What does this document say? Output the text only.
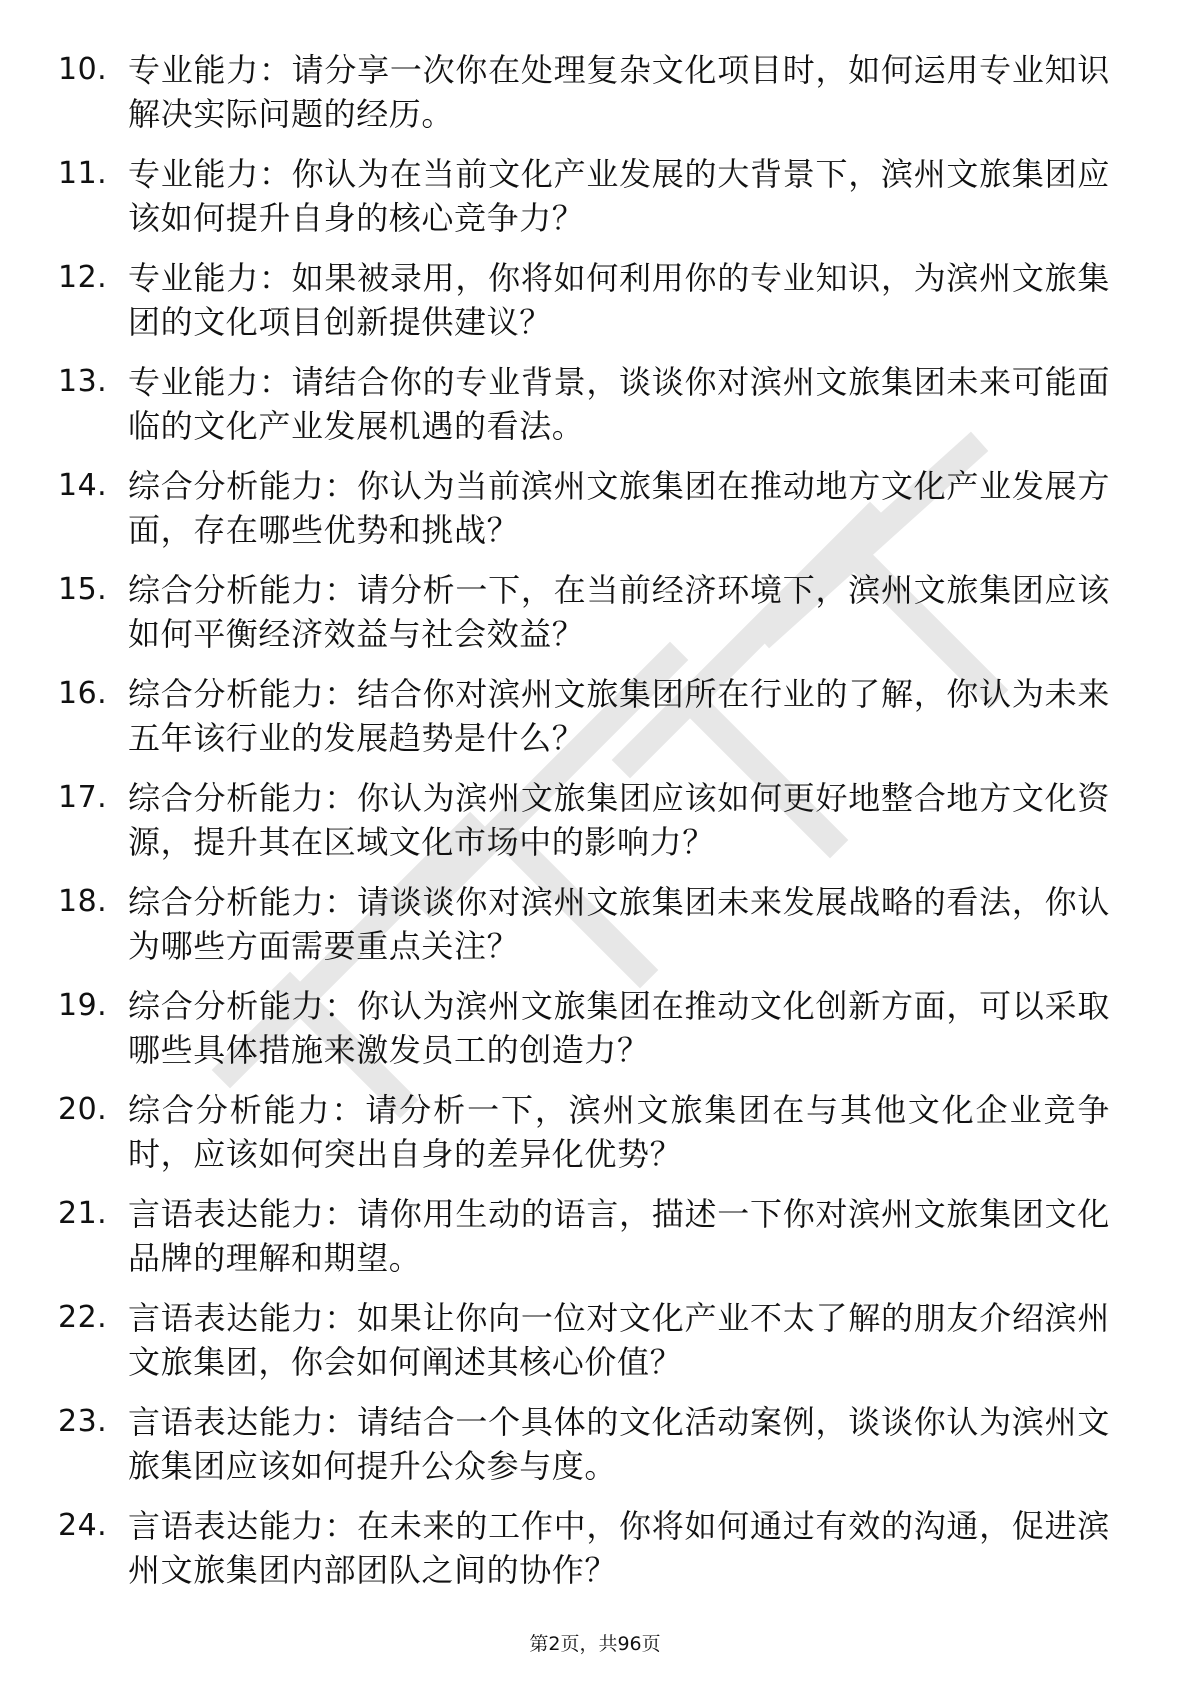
10. 专业能力：请分享一次你在处理复杂文化项目时，如何运用专业知识解决实际问题的经历。
11. 专业能力：你认为在当前文化产业发展的大背景下，滨州文旅集团应该如何提升自身的核心竞争力？
12. 专业能力：如果被录用，你将如何利用你的专业知识，为滨州文旅集团的文化项目创新提供建议？
13. 专业能力：请结合你的专业背景，谈谈你对滨州文旅集团未来可能面临的文化产业发展机遇的看法。
14. 综合分析能力：你认为当前滨州文旅集团在推动地方文化产业发展方面，存在哪些优势和挑战？
15. 综合分析能力：请分析一下，在当前经济环境下，滨州文旅集团应该如何平衡经济效益与社会效益？
16. 综合分析能力：结合你对滨州文旅集团所在行业的了解，你认为未来五年该行业的发展趋势是什么？
17. 综合分析能力：你认为滨州文旅集团应该如何更好地整合地方文化资源，提升其在区域文化市场中的影响力？
18. 综合分析能力：请谈谈你对滨州文旅集团未来发展战略的看法，你认为哪些方面需要重点关注？
19. 综合分析能力：你认为滨州文旅集团在推动文化创新方面，可以采取哪些具体措施来激发员工的创造力？
20. 综合分析能力：请分析一下，滨州文旅集团在与其他文化企业竞争时，应该如何突出自身的差异化优势？
21. 言语表达能力：请你用生动的语言，描述一下你对滨州文旅集团文化品牌的理解和期望。
22. 言语表达能力：如果让你向一位对文化产业不太了解的朋友介绍滨州文旅集团，你会如何阐述其核心价值？
23. 言语表达能力：请结合一个具体的文化活动案例，谈谈你认为滨州文旅集团应该如何提升公众参与度。
24. 言语表达能力：在未来的工作中，你将如何通过有效的沟通，促进滨州文旅集团内部团队之间的协作？
第2页，共96页
